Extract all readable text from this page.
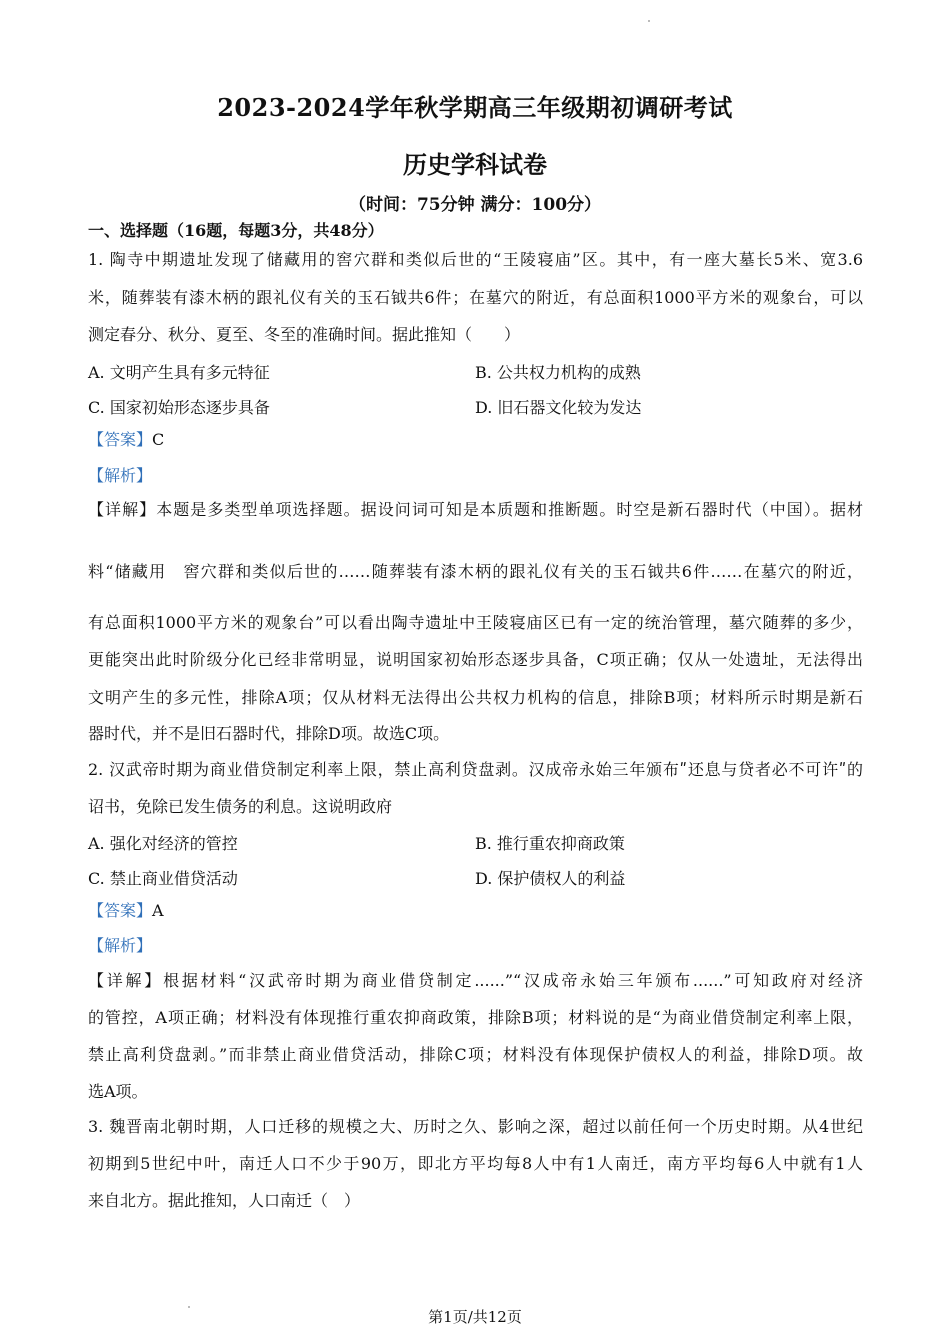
2023-2024学年秋学期高三年级期初调研考试
历史学科试卷
（时间：75分钟 满分：100分）
一、选择题（16题，每题3分，共48分）
1. 陶寺中期遗址发现了储藏用的窖穴群和类似后世的“王陵寝庙”区。其中，有一座大墓长5米、宽3.6
米，随葬装有漆木柄的跟礼仪有关的玉石钺共6件；在墓穴的附近，有总面积1000平方米的观象台，可以
测定春分、秋分、夏至、冬至的准确时间。据此推知（　　）
A. 文明产生具有多元特征	B. 公共权力机构的成熟
C. 国家初始形态逐步具备	D. 旧石器文化较为发达
【答案】C
【解析】
【详解】本题是多类型单项选择题。据设问词可知是本质题和推断题。时空是新石器时代（中国）。据材
料“储藏用　窖穴群和类似后世的……随葬装有漆木柄的跟礼仪有关的玉石钺共6件……在墓穴的附近，
有总面积1000平方米的观象台”可以看出陶寺遗址中王陵寝庙区已有一定的统治管理，墓穴随葬的多少，
更能突出此时阶级分化已经非常明显，说明国家初始形态逐步具备，C项正确；仅从一处遗址，无法得出
文明产生的多元性，排除A项；仅从材料无法得出公共权力机构的信息，排除B项；材料所示时期是新石
器时代，并不是旧石器时代，排除D项。故选C项。
2. 汉武帝时期为商业借贷制定利率上限，禁止高利贷盘剥。汉成帝永始三年颁布ʺ还息与贷者必不可许ʺ的
诏书，免除已发生债务的利息。这说明政府
A. 强化对经济的管控	B. 推行重农抑商政策
C. 禁止商业借贷活动	D. 保护债权人的利益
【答案】A
【解析】
【详解】根据材料“汉武帝时期为商业借贷制定......”“汉成帝永始三年颁布......”可知政府对经济
的管控，A项正确；材料没有体现推行重农抑商政策，排除B项；材料说的是“为商业借贷制定利率上限，
禁止高利贷盘剥。”而非禁止商业借贷活动，排除C项；材料没有体现保护债权人的利益，排除D项。故
选A项。
3. 魏晋南北朝时期，人口迁移的规模之大、历时之久、影响之深，超过以前任何一个历史时期。从4世纪
初期到5世纪中叶，南迁人口不少于90万，即北方平均每8人中有1人南迁，南方平均每6人中就有1人
来自北方。据此推知，人口南迁（　）
第1页/共12页
